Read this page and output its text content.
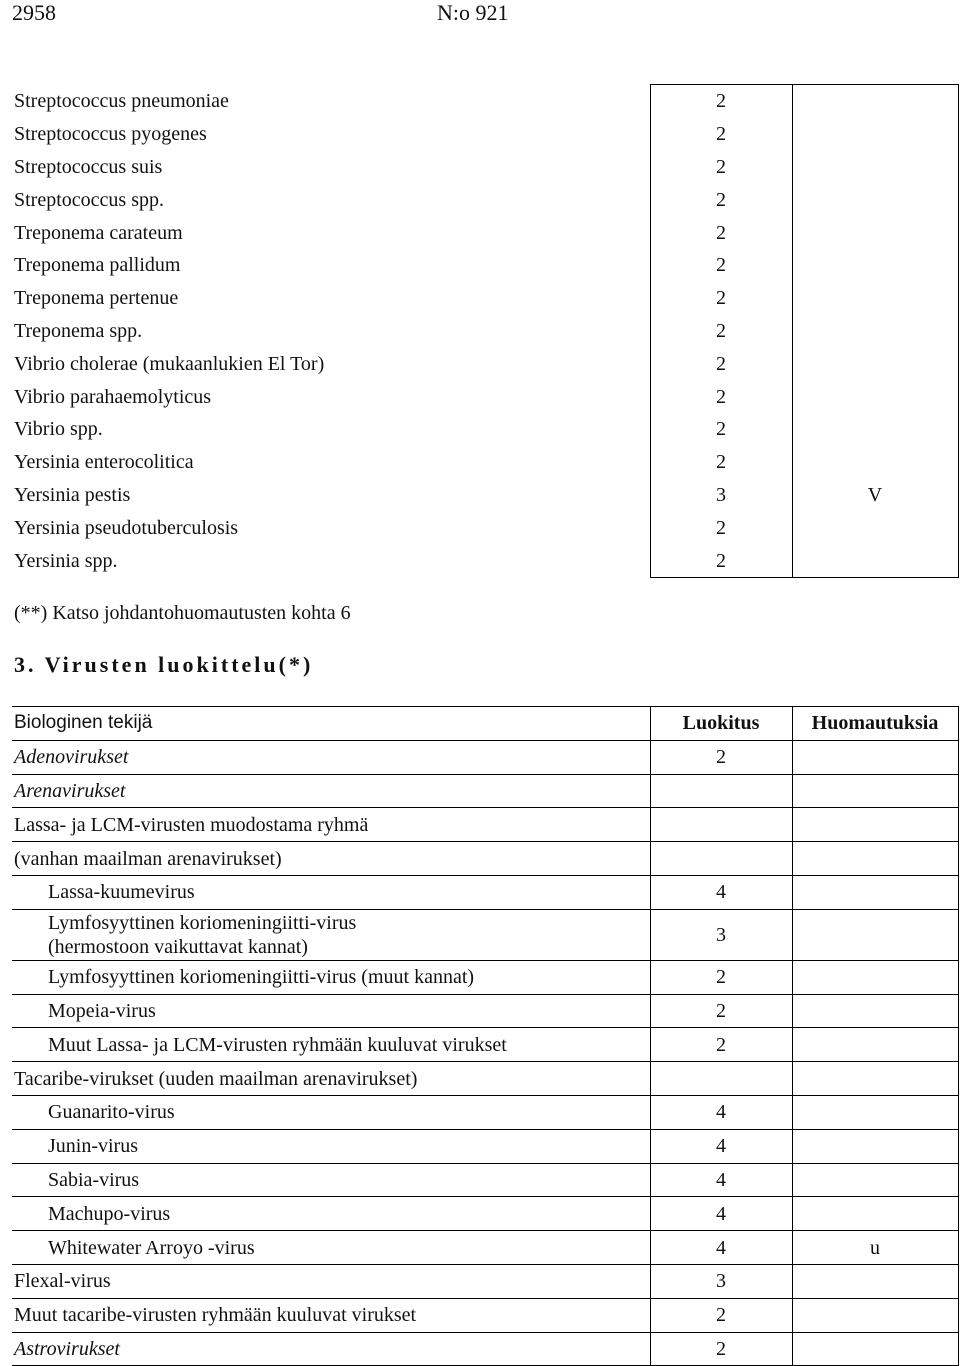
2958	N:o 921
Streptococcus pneumoniae	2	
Streptococcus pyogenes	2	
Streptococcus suis	2	
Streptococcus spp.	2	
Treponema carateum	2	
Treponema pallidum	2	
Treponema pertenue	2	
Treponema spp.	2	
Vibrio cholerae (mukaanlukien El Tor)	2	
Vibrio parahaemolyticus	2	
Vibrio spp.	2	
Yersinia enterocolitica	2	
Yersinia pestis	3	V
Yersinia pseudotuberculosis	2	
Yersinia spp.	2	
(**) Katso johdantohuomautusten kohta 6
3. Virusten luokittelu(*)
Biologinen tekijä	Luokitus	Huomautuksia
Adenovirukset	2	
Arenavirukset		
Lassa- ja LCM-virusten muodostama ryhmä		
(vanhan maailman arenavirukset)		
Lassa-kuumevirus	4	

Lymfosyyttinen koriomeningiitti-virus
(hermostoon vaikuttavat kannat)	3	
Lymfosyyttinen koriomeningiitti-virus (muut kannat)	2	
Mopeia-virus	2	
Muut Lassa- ja LCM-virusten ryhmään kuuluvat virukset	2	
Tacaribe-virukset (uuden maailman arenavirukset)		
Guanarito-virus	4	
Junin-virus	4	
Sabia-virus	4	
Machupo-virus	4	
Whitewater Arroyo -virus	4	u
Flexal-virus	3	
Muut tacaribe-virusten ryhmään kuuluvat virukset	2	
Astrovirukset	2	
